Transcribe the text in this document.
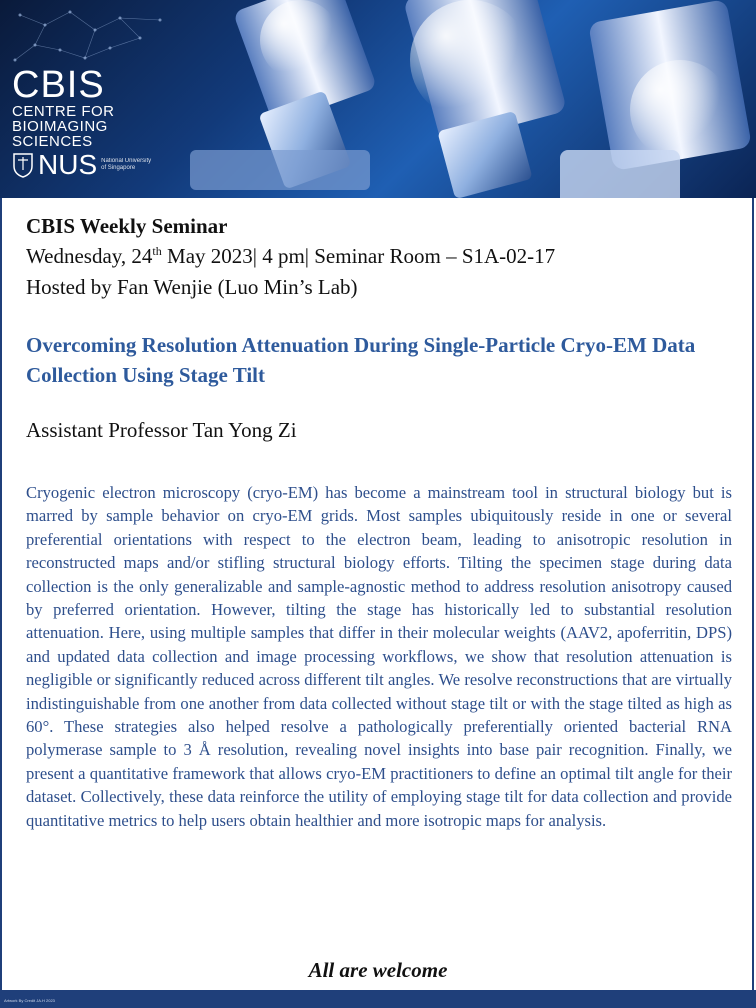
CBIS
CENTRE FOR
BIOIMAGING
SCIENCES
NUS National University
of Singapore
CBIS Weekly Seminar
Wednesday, 24th May 2023| 4 pm| Seminar Room – S1A-02-17
Hosted by Fan Wenjie (Luo Min’s Lab)
Overcoming Resolution Attenuation During Single-Particle Cryo-EM Data Collection Using Stage Tilt
Assistant Professor Tan Yong Zi
Cryogenic electron microscopy (cryo-EM) has become a mainstream tool in structural biology but is marred by sample behavior on cryo-EM grids. Most samples ubiquitously reside in one or several preferential orientations with respect to the electron beam, leading to anisotropic resolution in reconstructed maps and/or stifling structural biology efforts. Tilting the specimen stage during data collection is the only generalizable and sample-agnostic method to address resolution anisotropy caused by preferred orientation. However, tilting the stage has historically led to substantial resolution attenuation. Here, using multiple samples that differ in their molecular weights (AAV2, apoferritin, DPS) and updated data collection and image processing workflows, we show that resolution attenuation is negligible or significantly reduced across different tilt angles. We resolve reconstructions that are virtually indistinguishable from one another from data collected without stage tilt or with the stage tilted as high as 60°. These strategies also helped resolve a pathologically preferentially oriented bacterial RNA polymerase sample to 3 Å resolution, revealing novel insights into base pair recognition. Finally, we present a quantitative framework that allows cryo-EM practitioners to define an optimal tilt angle for their dataset. Collectively, these data reinforce the utility of employing stage tilt for data collection and provide quantitative metrics to help users obtain healthier and more isotropic maps for analysis.
All are welcome
Artwork By Credit JA.H 2023
